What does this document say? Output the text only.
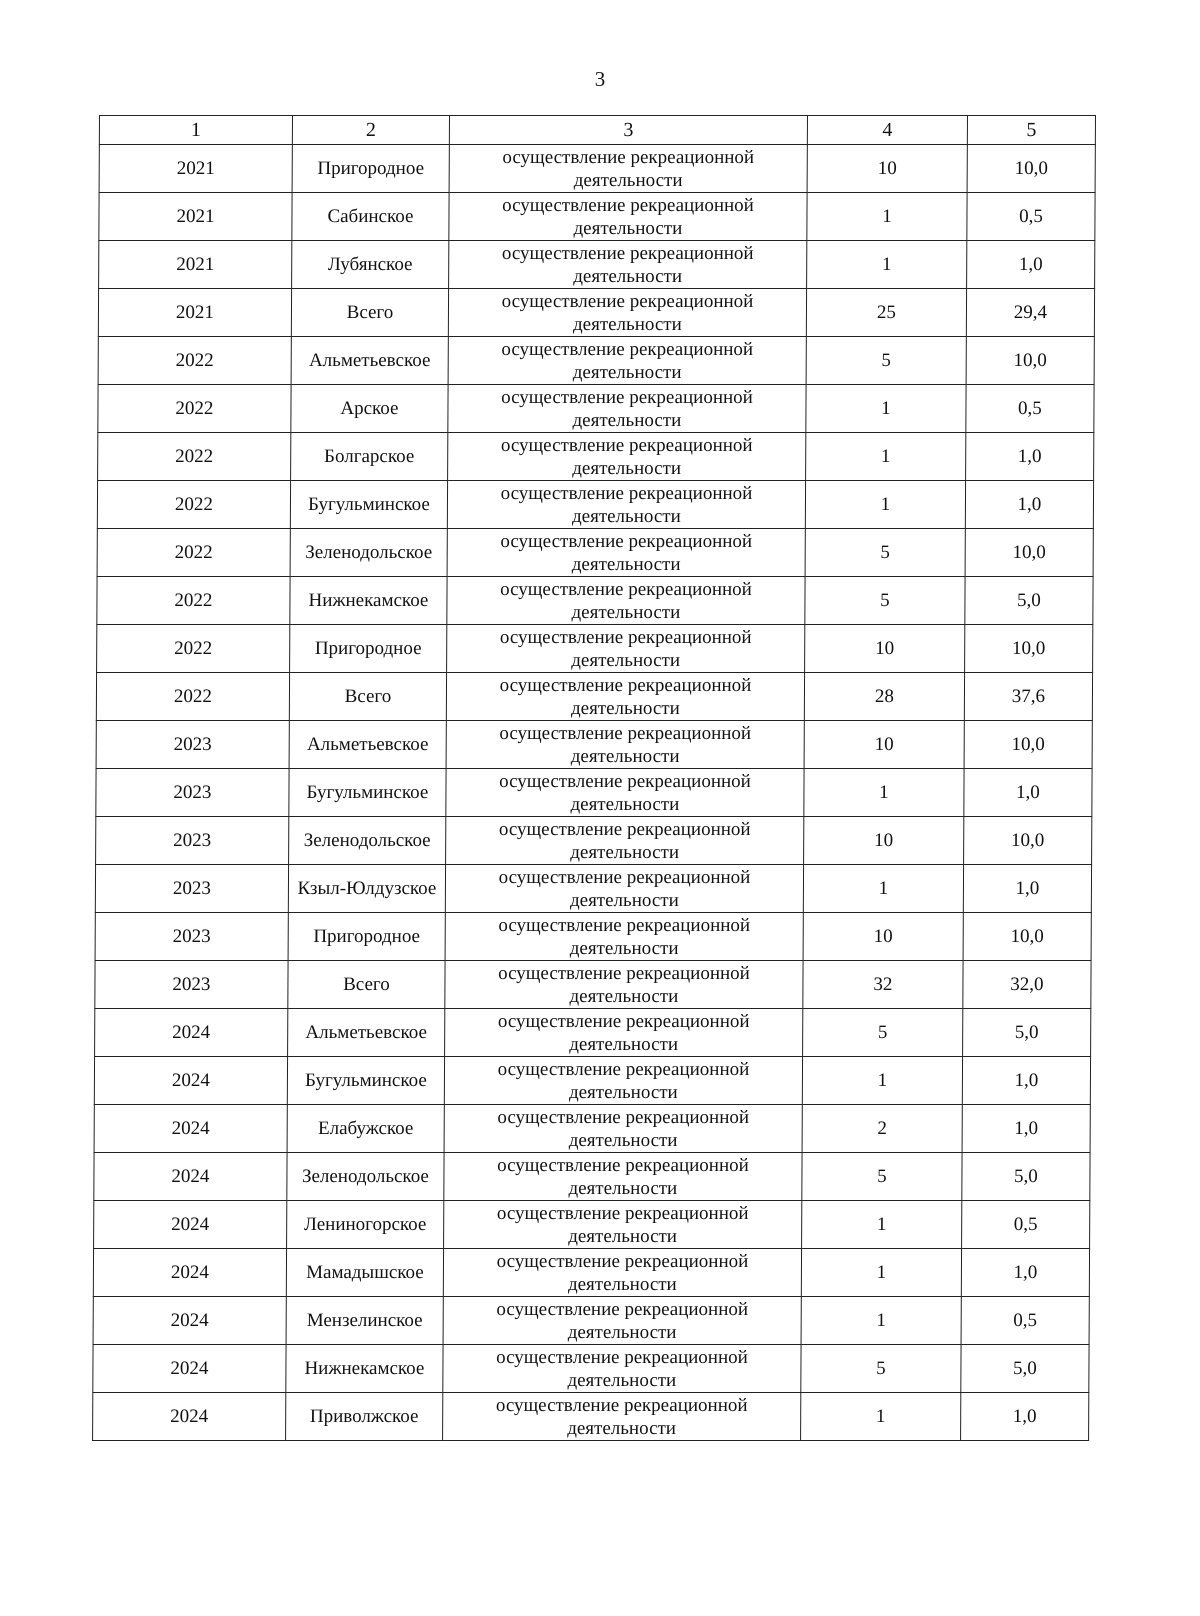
3
1	2	3	4	5
2021	Пригородное	осуществление рекреационной деятельности	10	10,0
2021	Сабинское	осуществление рекреационной деятельности	1	0,5
2021	Лубянское	осуществление рекреационной деятельности	1	1,0
2021	Всего	осуществление рекреационной деятельности	25	29,4
2022	Альметьевское	осуществление рекреационной деятельности	5	10,0
2022	Арское	осуществление рекреационной деятельности	1	0,5
2022	Болгарское	осуществление рекреационной деятельности	1	1,0
2022	Бугульминское	осуществление рекреационной деятельности	1	1,0
2022	Зеленодольское	осуществление рекреационной деятельности	5	10,0
2022	Нижнекамское	осуществление рекреационной деятельности	5	5,0
2022	Пригородное	осуществление рекреационной деятельности	10	10,0
2022	Всего	осуществление рекреационной деятельности	28	37,6
2023	Альметьевское	осуществление рекреационной деятельности	10	10,0
2023	Бугульминское	осуществление рекреационной деятельности	1	1,0
2023	Зеленодольское	осуществление рекреационной деятельности	10	10,0
2023	Кзыл-Юлдузское	осуществление рекреационной деятельности	1	1,0
2023	Пригородное	осуществление рекреационной деятельности	10	10,0
2023	Всего	осуществление рекреационной деятельности	32	32,0
2024	Альметьевское	осуществление рекреационной деятельности	5	5,0
2024	Бугульминское	осуществление рекреационной деятельности	1	1,0
2024	Елабужское	осуществление рекреационной деятельности	2	1,0
2024	Зеленодольское	осуществление рекреационной деятельности	5	5,0
2024	Лениногорское	осуществление рекреационной деятельности	1	0,5
2024	Мамадышское	осуществление рекреационной деятельности	1	1,0
2024	Мензелинское	осуществление рекреационной деятельности	1	0,5
2024	Нижнекамское	осуществление рекреационной деятельности	5	5,0
2024	Приволжское	осуществление рекреационной деятельности	1	1,0
